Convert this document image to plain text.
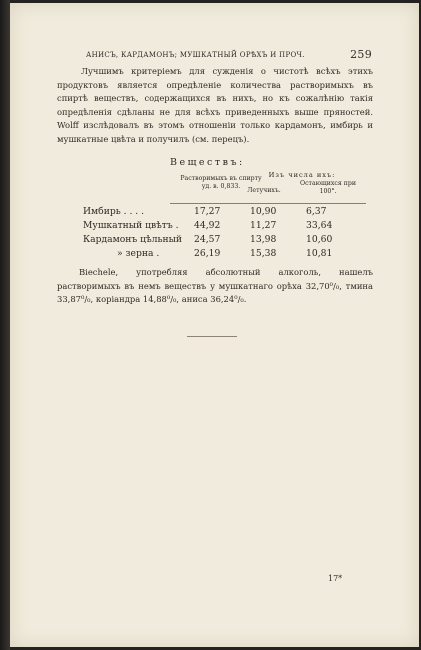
АНИСЪ, КАРДАМОНЪ; МУШКАТНЫЙ ОРѢХЪ И ПРОЧ.	259
Лучшимъ критеріемъ для сужденія о чистотѣ всѣхъ этихъ продуктовъ является опредѣленіе количества растворимыхъ въ спиртѣ веществъ, содержащихся въ нихъ, но къ сожалѣнію такія опредѣленія сдѣланы не для всѣхъ приведенныхъ выше пряностей. Wolff изслѣдовалъ въ этомъ отношеніи только кардамонъ, имбирь и мушкатные цвѣта и получилъ (см. перецъ).
Веществъ:
Растворимыхъ въ спирту уд. в. 0,833.
Изъ числа ихъ:
Летучихъ.
Остающихся при 100°.
Имбирь . . . .	17,27	10,90	6,37
Мушкатный цвѣтъ . 44,92	11,27	33,64
Кардамонъ цѣльный 24,57	13,98	10,60
» зерна .	26,19	15,38	10,81
Biechele, употребляя абсолютный алкоголь, нашелъ растворимыхъ въ немъ веществъ у мушкатнаго орѣха 32,70⁰/₀, тмина 33,87⁰/₀, коріандра 14,88⁰/₀, аниса 36,24⁰/₀.
17*
